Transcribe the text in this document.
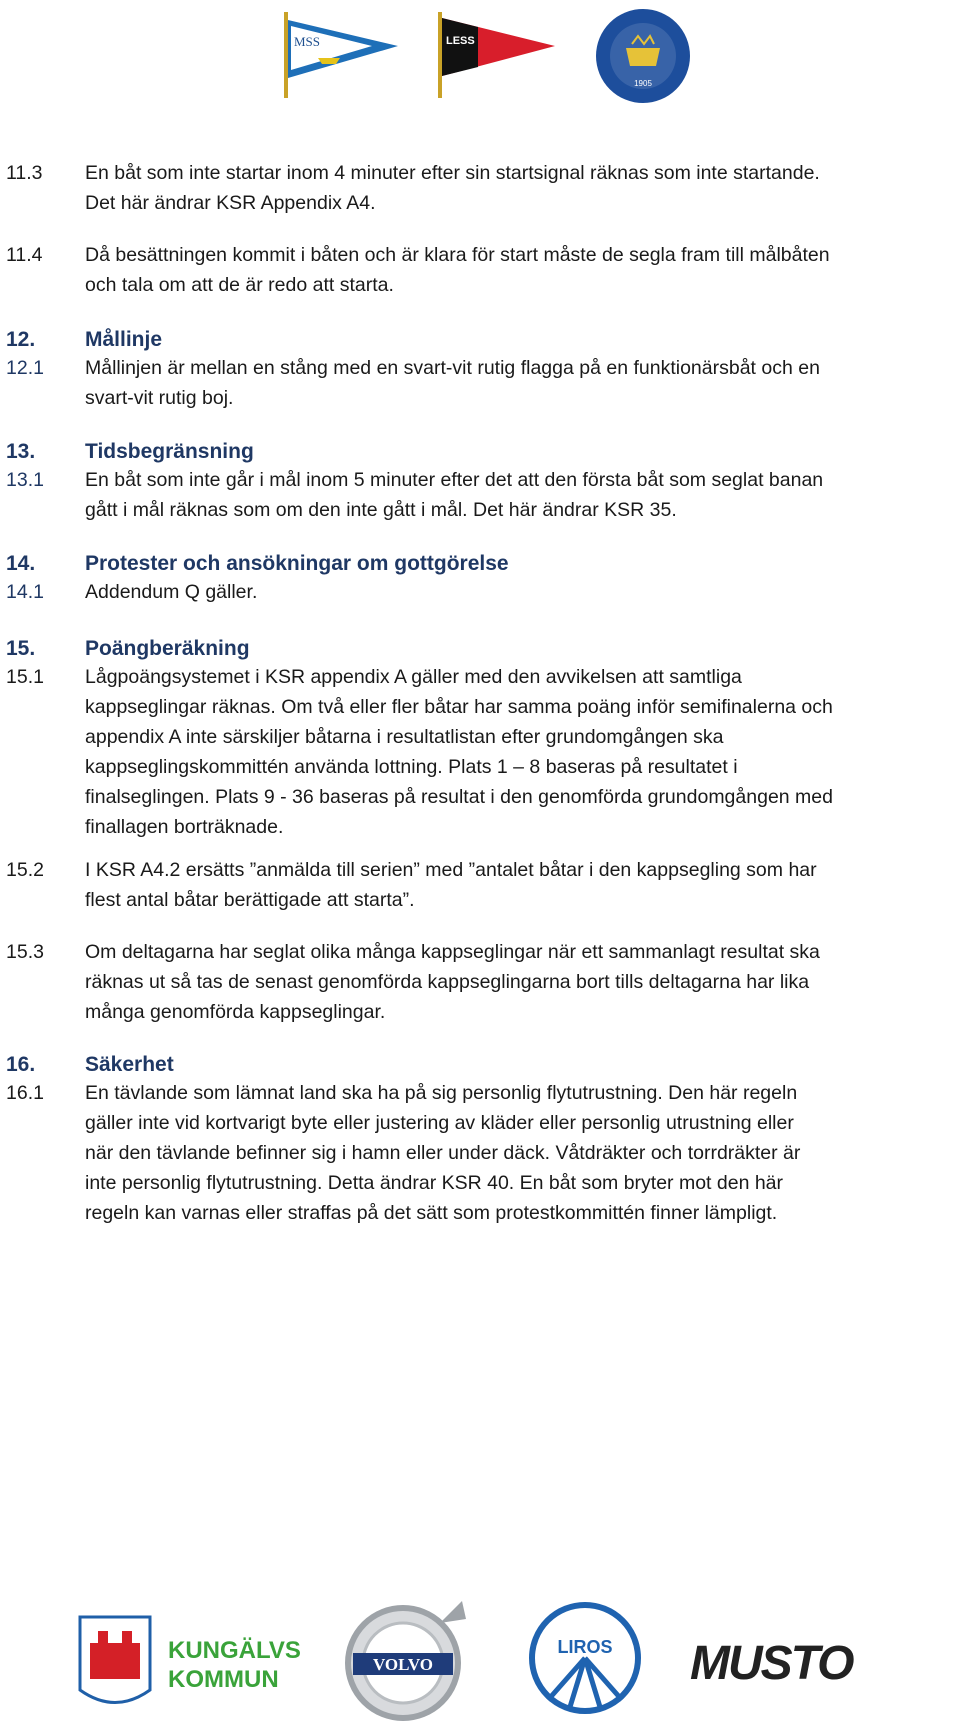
MSS	LESS
1905
11.3	En båt som inte startar inom 4 minuter efter sin startsignal räknas som inte startande.
Det här ändrar KSR Appendix A4.
11.4	Då besättningen kommit i båten och är klara för start måste de segla fram till målbåten
och tala om att de är redo att starta.
12. Mållinje
12.1	Mållinjen är mellan en stång med en svart-vit rutig flagga på en funktionärsbåt och en
svart-vit rutig boj.
13. Tidsbegränsning
13.1	En båt som inte går i mål inom 5 minuter efter det att den första båt som seglat banan
gått i mål räknas som om den inte gått i mål. Det här ändrar KSR 35.
14. Protester och ansökningar om gottgörelse
14.1	Addendum Q gäller.
15. Poängberäkning
15.1	Lågpoängsystemet i KSR appendix A gäller med den avvikelsen att samtliga
kappseglingar räknas. Om två eller fler båtar har samma poäng inför semifinalerna och
appendix A inte särskiljer båtarna i resultatlistan efter grundomgången ska
kappseglingskommittén använda lottning. Plats 1 – 8 baseras på resultatet i
finalseglingen. Plats 9 - 36 baseras på resultat i den genomförda grundomgången med
finallagen borträknade.
15.2	I KSR A4.2 ersätts ”anmälda till serien” med ”antalet båtar i den kappsegling som har
flest antal båtar berättigade att starta”.
15.3	Om deltagarna har seglat olika många kappseglingar när ett sammanlagt resultat ska
räknas ut så tas de senast genomförda kappseglingarna bort tills deltagarna har lika
många genomförda kappseglingar.
16. Säkerhet
16.1	En tävlande som lämnat land ska ha på sig personlig flytutrustning. Den här regeln
gäller inte vid kortvarigt byte eller justering av kläder eller personlig utrustning eller
när den tävlande befinner sig i hamn eller under däck. Våtdräkter och torrdräkter är
inte personlig flytutrustning. Detta ändrar KSR 40. En båt som bryter mot den här
regeln kan varnas eller straffas på det sätt som protestkommittén finner lämpligt.
KUNGÄLVS
KOMMUN
VOLVO
LIROS MUSTO
